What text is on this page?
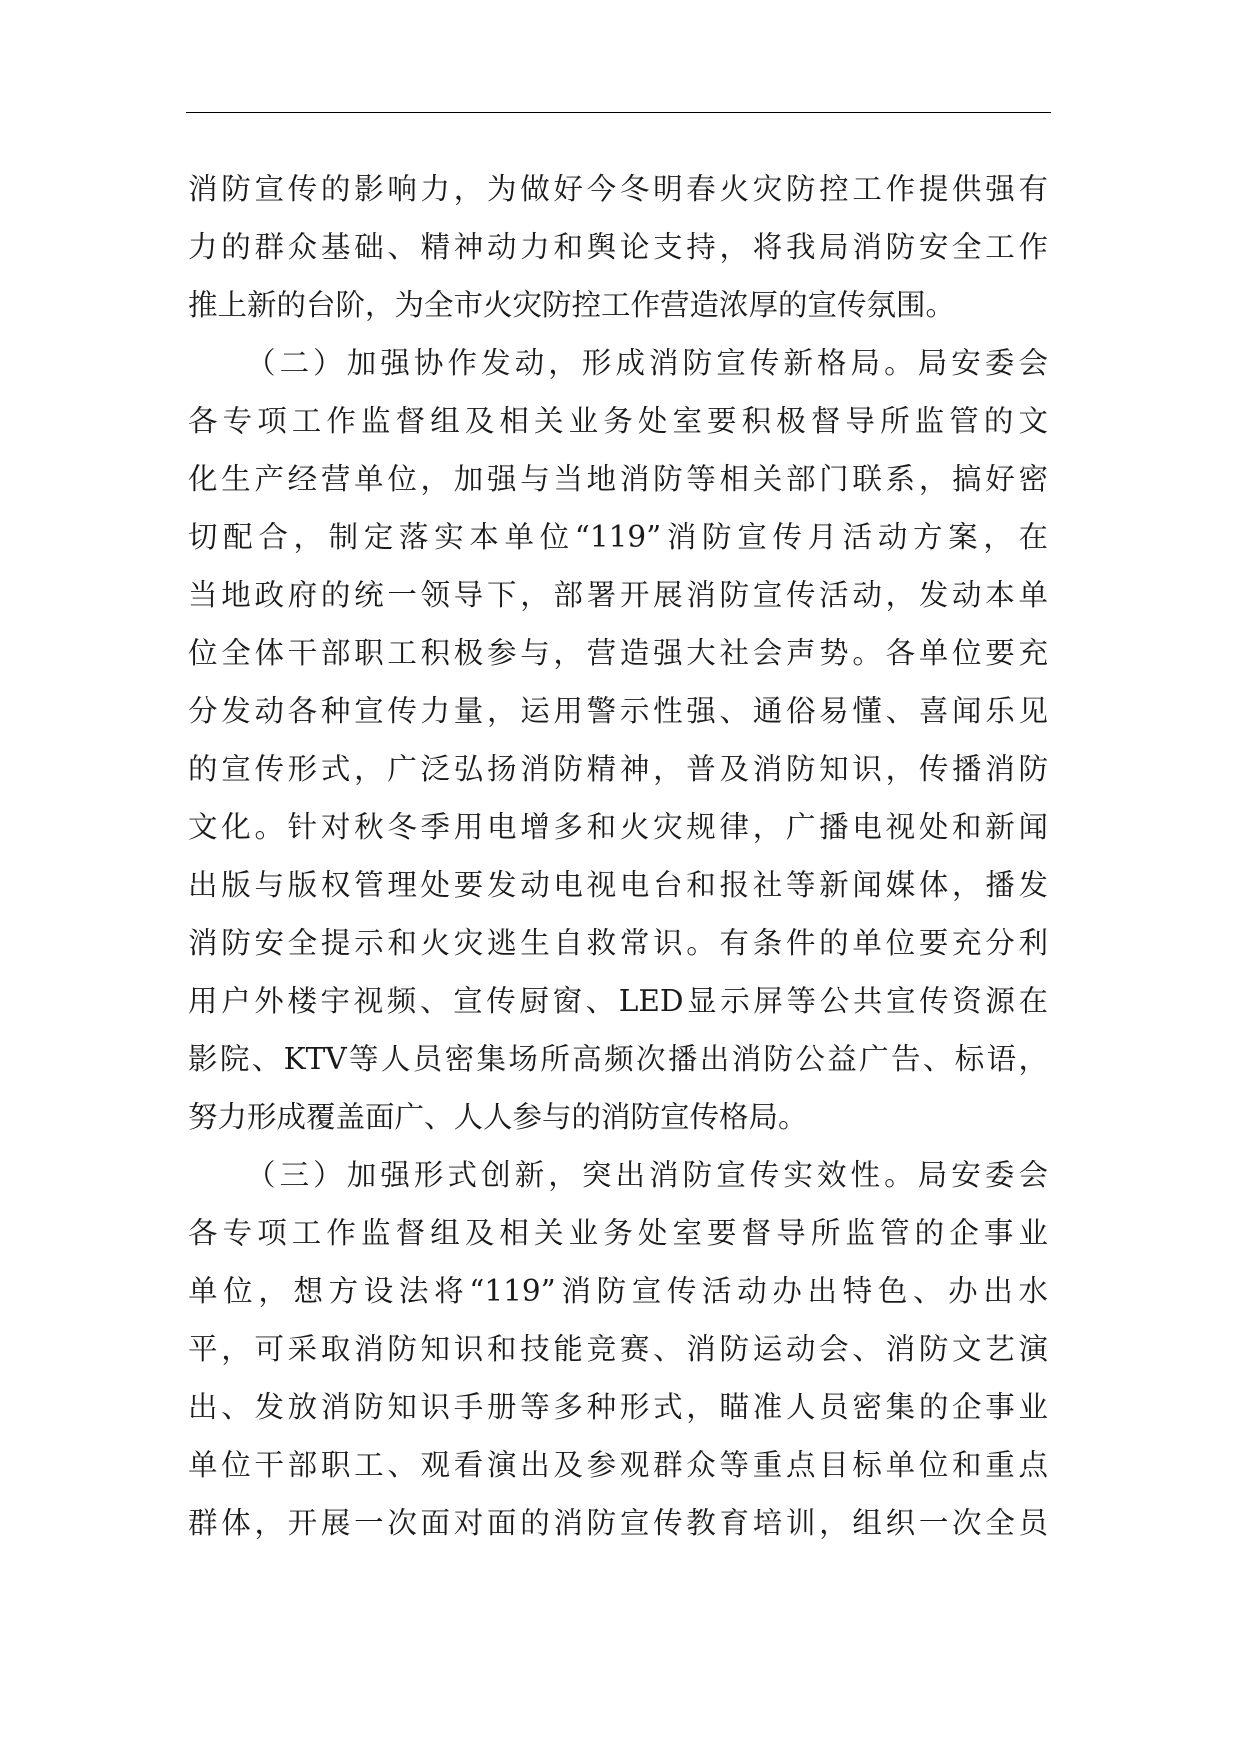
消防宣传的影响力，为做好今冬明春火灾防控工作提供强有
力的群众基础、精神动力和舆论支持，将我局消防安全工作
推上新的台阶，为全市火灾防控工作营造浓厚的宣传氛围。
（二）加强协作发动，形成消防宣传新格局。局安委会
各专项工作监督组及相关业务处室要积极督导所监管的文
化生产经营单位，加强与当地消防等相关部门联系，搞好密
切配合，制定落实本单位“119”消防宣传月活动方案，在
当地政府的统一领导下，部署开展消防宣传活动，发动本单
位全体干部职工积极参与，营造强大社会声势。各单位要充
分发动各种宣传力量，运用警示性强、通俗易懂、喜闻乐见
的宣传形式，广泛弘扬消防精神，普及消防知识，传播消防
文化。针对秋冬季用电增多和火灾规律，广播电视处和新闻
出版与版权管理处要发动电视电台和报社等新闻媒体，播发
消防安全提示和火灾逃生自救常识。有条件的单位要充分利
用户外楼宇视频、宣传厨窗、LED显示屏等公共宣传资源在
影院、KTV等人员密集场所高频次播出消防公益广告、标语，
努力形成覆盖面广、人人参与的消防宣传格局。
（三）加强形式创新，突出消防宣传实效性。局安委会
各专项工作监督组及相关业务处室要督导所监管的企事业
单位，想方设法将“119”消防宣传活动办出特色、办出水
平，可采取消防知识和技能竞赛、消防运动会、消防文艺演
出、发放消防知识手册等多种形式，瞄准人员密集的企事业
单位干部职工、观看演出及参观群众等重点目标单位和重点
群体，开展一次面对面的消防宣传教育培训，组织一次全员
